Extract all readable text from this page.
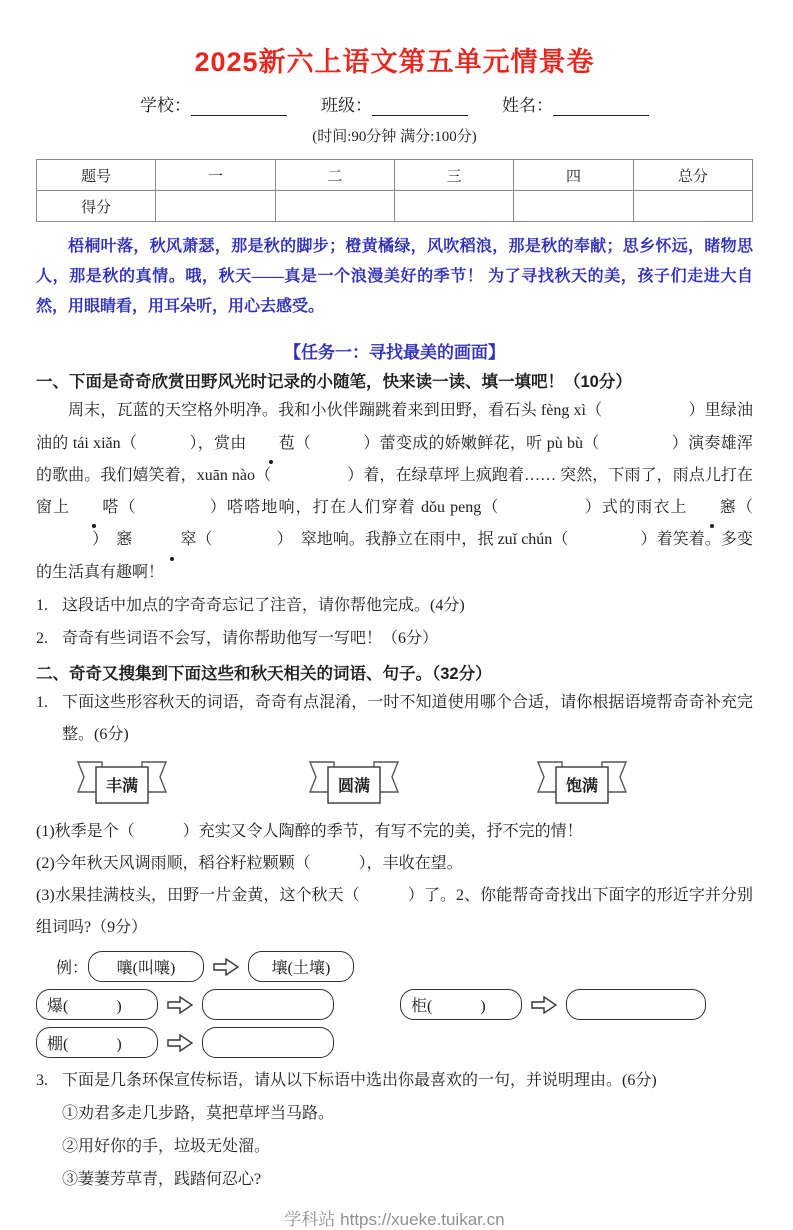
2025新六上语文第五单元情景卷
学校：	班级：	姓名：
(时间:90分钟 满分:100分)
题号	一	二	三	四	总分
得分					

梧桐叶落，秋风萧瑟，那是秋的脚步；橙黄橘绿，风吹稻浪，那是秋的奉献；思乡怀远，睹物思人，那是秋的真情。哦，秋天——真是一个浪漫美好的季节！ 为了寻找秋天的美，孩子们走进大自然，用眼睛看，用耳朵听，用心去感受。

【任务一：寻找最美的画面】
一、下面是奇奇欣赏田野风光时记录的小随笔，快来读一读、填一填吧！（10分）

周末，瓦蓝的天空格外明净。我和小伙伴蹦跳着来到田野，看石头 fèng xì（	）里绿油油的 tái xiǎn（	），赏由 苞（	）蕾变成的娇嫩鲜花，听 pù bù（	）演奏雄浑的歌曲。我们嬉笑着，xuān nào（	）着，在绿草坪上疯跑着…… 突然，下雨了，雨点儿打在窗上 嗒（	）嗒嗒地响，打在人们穿着 dǒu peng（	）式的雨衣上 窸（）　窸　窣（	）　窣地响。我静立在雨中，抿 zuǐ chún（	）着笑着。多变的生活真有趣啊！

1. 这段话中加点的字奇奇忘记了注音，请你帮他完成。(4分)
2. 奇奇有些词语不会写，请你帮助他写一写吧！（6分）
二、奇奇又搜集到下面这些和秋天相关的词语、句子。（32分）
1. 下面这些形容秋天的词语，奇奇有点混淆，一时不知道使用哪个合适，请你根据语境帮奇奇补充完整。(6分)
丰满	圆满	饱满
(1)秋季是个（　　　）充实又令人陶醉的季节，有写不完的美，抒不完的情！
(2)今年秋天风调雨顺，稻谷籽粒颗颗（　　　），丰收在望。
(3)水果挂满枝头，田野一片金黄，这个秋天（　　　）了。2、你能帮奇奇找出下面字的形近字并分别组词吗?（9分）
例：	嚷(叫嚷)	壤(土壤)
爆(　　　)	柜(　　　)
棚(　　　)
3. 下面是几条环保宣传标语，请从以下标语中选出你最喜欢的一句，并说明理由。(6分)
①劝君多走几步路，莫把草坪当马路。
②用好你的手，垃圾无处溜。
③萋萋芳草青，践踏何忍心?
学科站 https://xueke.tuikar.cn
